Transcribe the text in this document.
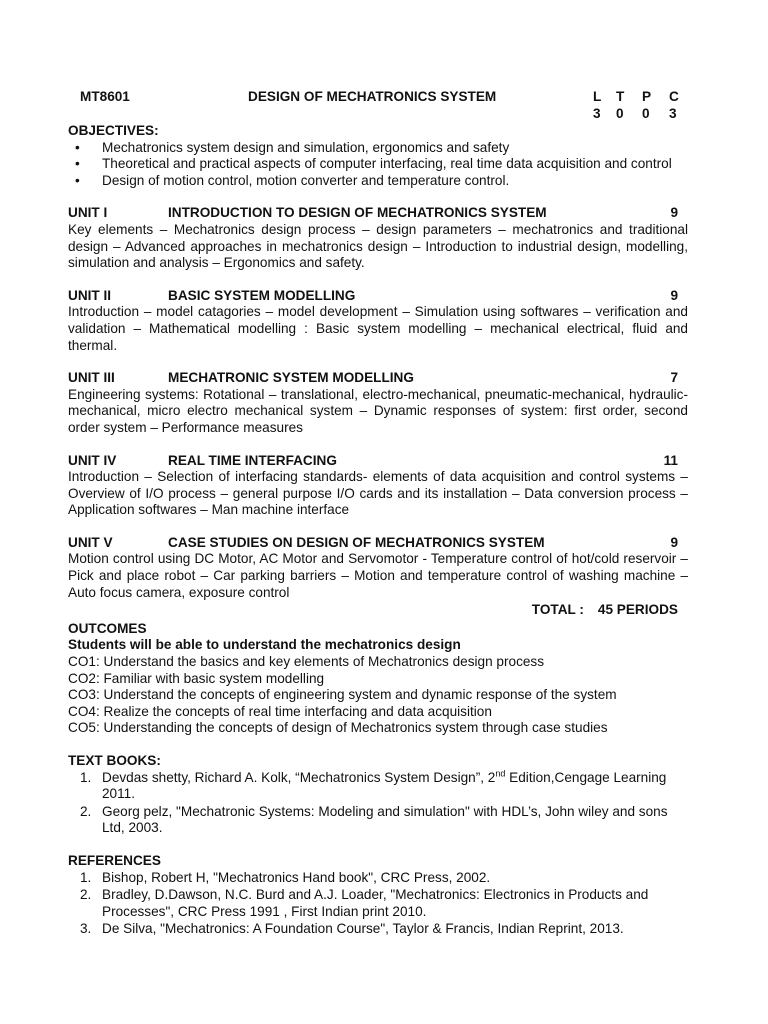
MT8601	DESIGN OF MECHATRONICS SYSTEM	L	T	P	C
3	0	0	3
OBJECTIVES:
• Mechatronics system design and simulation, ergonomics and safety
• Theoretical and practical aspects of computer interfacing, real time data acquisition and control
• Design of motion control, motion converter and temperature control.
UNIT I	INTRODUCTION TO DESIGN OF MECHATRONICS SYSTEM	9
Key elements – Mechatronics design process – design parameters – mechatronics and traditional design – Advanced approaches in mechatronics design – Introduction to industrial design, modelling, simulation and analysis – Ergonomics and safety.
UNIT II	BASIC SYSTEM MODELLING	9
Introduction – model catagories – model development – Simulation using softwares – verification and validation – Mathematical modelling : Basic system modelling – mechanical electrical, fluid and thermal.
UNIT III	MECHATRONIC SYSTEM MODELLING	7
Engineering systems: Rotational – translational, electro-mechanical, pneumatic-mechanical, hydraulic-mechanical, micro electro mechanical system – Dynamic responses of system: first order, second order system – Performance measures
UNIT IV	REAL TIME INTERFACING	11
Introduction – Selection of interfacing standards- elements of data acquisition and control systems – Overview of I/O process – general purpose I/O cards and its installation – Data conversion process – Application softwares – Man machine interface
UNIT V	CASE STUDIES ON DESIGN OF MECHATRONICS SYSTEM	9
Motion control using DC Motor, AC Motor and Servomotor - Temperature control of hot/cold reservoir – Pick and place robot – Car parking barriers – Motion and temperature control of washing machine – Auto focus camera, exposure control
TOTAL : 45 PERIODS
OUTCOMES
Students will be able to understand the mechatronics design
CO1: Understand the basics and key elements of Mechatronics design process
CO2: Familiar with basic system modelling
CO3: Understand the concepts of engineering system and dynamic response of the system
CO4: Realize the concepts of real time interfacing and data acquisition
CO5: Understanding the concepts of design of Mechatronics system through case studies
TEXT BOOKS:
1. Devdas shetty, Richard A. Kolk, “Mechatronics System Design”, 2nd Edition,Cengage Learning 2011.
2. Georg pelz, "Mechatronic Systems: Modeling and simulation" with HDL’s, John wiley and sons Ltd, 2003.
REFERENCES
1. Bishop, Robert H, "Mechatronics Hand book", CRC Press, 2002.
2. Bradley, D.Dawson, N.C. Burd and A.J. Loader, "Mechatronics: Electronics in Products and Processes", CRC Press 1991 , First Indian print 2010.
3. De Silva, "Mechatronics: A Foundation Course", Taylor & Francis, Indian Reprint, 2013.
